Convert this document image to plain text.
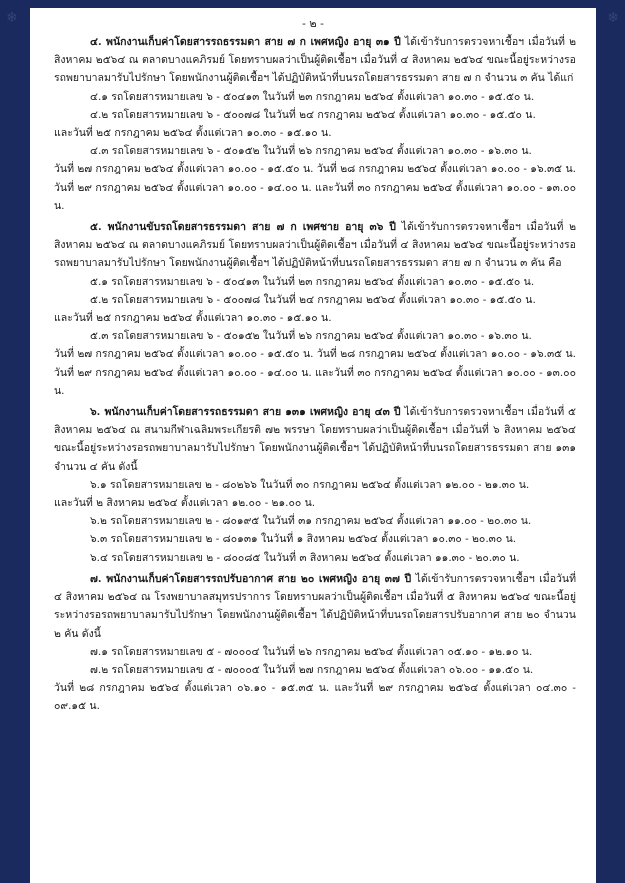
❄	❄
- ๒ -

๔. พนักงานเก็บค่าโดยสารรถธรรมดา สาย ๗ ก เพศหญิง อายุ ๓๑ ปี ได้เข้ารับการตรวจหาเชื้อฯ เมื่อวันที่ ๒ สิงหาคม ๒๕๖๔ ณ ตลาดบางแคภิรมย์ โดยทราบผลว่าเป็นผู้ติดเชื้อฯ เมื่อวันที่ ๔ สิงหาคม ๒๕๖๔ ขณะนี้อยู่ระหว่างรอรถพยาบาลมารับไปรักษา โดยพนักงานผู้ติดเชื้อฯ ได้ปฏิบัติหน้าที่บนรถโดยสารธรรมดา สาย ๗ ก จำนวน ๓ คัน ได้แก่

๔.๑ รถโดยสารหมายเลข ๖ - ๕๐๔๑๓ ในวันที่ ๒๓ กรกฎาคม ๒๕๖๔ ตั้งแต่เวลา ๑๐.๓๐ - ๑๕.๕๐ น.

๔.๒ รถโดยสารหมายเลข ๖ - ๕๐๐๗๘ ในวันที่ ๒๔ กรกฎาคม ๒๕๖๔ ตั้งแต่เวลา ๑๐.๓๐ - ๑๕.๕๐ น.

และวันที่ ๒๕ กรกฎาคม ๒๕๖๔ ตั้งแต่เวลา ๑๐.๓๐ - ๑๕.๑๐ น.

๔.๓ รถโดยสารหมายเลข ๖ - ๕๐๑๕๒ ในวันที่ ๒๖ กรกฎาคม ๒๕๖๔ ตั้งแต่เวลา ๑๐.๓๐ - ๑๖.๓๐ น.

วันที่ ๒๗ กรกฎาคม ๒๕๖๔ ตั้งแต่เวลา ๑๐.๐๐ - ๑๕.๕๐ น. วันที่ ๒๘ กรกฎาคม ๒๕๖๔ ตั้งแต่เวลา ๑๐.๐๐ - ๑๖.๓๕ น. วันที่ ๒๙ กรกฎาคม ๒๕๖๔ ตั้งแต่เวลา ๑๐.๐๐ - ๑๔.๐๐ น. และวันที่ ๓๐ กรกฎาคม ๒๕๖๔ ตั้งแต่เวลา ๑๐.๐๐ - ๑๓.๐๐ น.

๕. พนักงานขับรถโดยสารธรรมดา สาย ๗ ก เพศชาย อายุ ๓๖ ปี ได้เข้ารับการตรวจหาเชื้อฯ เมื่อวันที่ ๒ สิงหาคม ๒๕๖๔ ณ ตลาดบางแคภิรมย์ โดยทราบผลว่าเป็นผู้ติดเชื้อฯ เมื่อวันที่ ๔ สิงหาคม ๒๕๖๔ ขณะนี้อยู่ระหว่างรอรถพยาบาลมารับไปรักษา โดยพนักงานผู้ติดเชื้อฯ ได้ปฏิบัติหน้าที่บนรถโดยสารธรรมดา สาย ๗ ก จำนวน ๓ คัน คือ

๕.๑ รถโดยสารหมายเลข ๖ - ๕๐๔๑๓ ในวันที่ ๒๓ กรกฎาคม ๒๕๖๔ ตั้งแต่เวลา ๑๐.๓๐ - ๑๕.๕๐ น.

๕.๒ รถโดยสารหมายเลข ๖ - ๕๐๐๗๘ ในวันที่ ๒๔ กรกฎาคม ๒๕๖๔ ตั้งแต่เวลา ๑๐.๓๐ - ๑๕.๕๐ น.

และวันที่ ๒๕ กรกฎาคม ๒๕๖๔ ตั้งแต่เวลา ๑๐.๓๐ - ๑๕.๑๐ น.

๕.๓ รถโดยสารหมายเลข ๖ - ๕๐๑๕๒ ในวันที่ ๒๖ กรกฎาคม ๒๕๖๔ ตั้งแต่เวลา ๑๐.๓๐ - ๑๖.๓๐ น.

วันที่ ๒๗ กรกฎาคม ๒๕๖๔ ตั้งแต่เวลา ๑๐.๐๐ - ๑๕.๕๐ น. วันที่ ๒๘ กรกฎาคม ๒๕๖๔ ตั้งแต่เวลา ๑๐.๐๐ - ๑๖.๓๕ น. วันที่ ๒๙ กรกฎาคม ๒๕๖๔ ตั้งแต่เวลา ๑๐.๐๐ - ๑๔.๐๐ น. และวันที่ ๓๐ กรกฎาคม ๒๕๖๔ ตั้งแต่เวลา ๑๐.๐๐ - ๑๓.๐๐ น.

๖. พนักงานเก็บค่าโดยสารรถธรรมดา สาย ๑๓๑ เพศหญิง อายุ ๔๓ ปี ได้เข้ารับการตรวจหาเชื้อฯ เมื่อวันที่ ๕ สิงหาคม ๒๕๖๔ ณ สนามกีฬาเฉลิมพระเกียรติ ๗๒ พรรษา โดยทราบผลว่าเป็นผู้ติดเชื้อฯ เมื่อวันที่ ๖ สิงหาคม ๒๕๖๔ ขณะนี้อยู่ระหว่างรอรถพยาบาลมารับไปรักษา โดยพนักงานผู้ติดเชื้อฯ ได้ปฏิบัติหน้าที่บนรถโดยสารธรรมดา สาย ๑๓๑ จำนวน ๔ คัน ดังนี้

๖.๑ รถโดยสารหมายเลข ๒ - ๘๐๒๖๖ ในวันที่ ๓๐ กรกฎาคม ๒๕๖๔ ตั้งแต่เวลา ๑๒.๐๐ - ๒๑.๓๐ น.

และวันที่ ๒ สิงหาคม ๒๕๖๔ ตั้งแต่เวลา ๑๒.๐๐ - ๒๑.๐๐ น.

๖.๒ รถโดยสารหมายเลข ๒ - ๘๐๑๙๕ ในวันที่ ๓๑ กรกฎาคม ๒๕๖๔ ตั้งแต่เวลา ๑๑.๐๐ - ๒๐.๓๐ น.

๖.๓ รถโดยสารหมายเลข ๒ - ๘๐๑๓๑ ในวันที่ ๑ สิงหาคม ๒๕๖๔ ตั้งแต่เวลา ๑๐.๓๐ - ๒๐.๓๐ น.

๖.๔ รถโดยสารหมายเลข ๒ - ๘๐๐๘๕ ในวันที่ ๓ สิงหาคม ๒๕๖๔ ตั้งแต่เวลา ๑๑.๓๐ - ๒๐.๓๐ น.

๗. พนักงานเก็บค่าโดยสารรถปรับอากาศ สาย ๒๐ เพศหญิง อายุ ๓๗ ปี ได้เข้ารับการตรวจหาเชื้อฯ เมื่อวันที่ ๔ สิงหาคม ๒๕๖๔ ณ โรงพยาบาลสมุทรปราการ โดยทราบผลว่าเป็นผู้ติดเชื้อฯ เมื่อวันที่ ๕ สิงหาคม ๒๕๖๔ ขณะนี้อยู่ระหว่างรอรถพยาบาลมารับไปรักษา โดยพนักงานผู้ติดเชื้อฯ ได้ปฏิบัติหน้าที่บนรถโดยสารปรับอากาศ สาย ๒๐ จำนวน ๒ คัน ดังนี้

๗.๑ รถโดยสารหมายเลข ๕ - ๗๐๐๐๔ ในวันที่ ๒๖ กรกฎาคม ๒๕๖๔ ตั้งแต่เวลา ๐๕.๑๐ - ๑๒.๑๐ น.

๗.๒ รถโดยสารหมายเลข ๕ - ๗๐๐๐๕ ในวันที่ ๒๗ กรกฎาคม ๒๕๖๔ ตั้งแต่เวลา ๐๖.๐๐ - ๑๑.๕๐ น.

วันที่ ๒๘ กรกฎาคม ๒๕๖๔ ตั้งแต่เวลา ๐๖.๑๐ - ๑๕.๓๕ น. และวันที่ ๒๙ กรกฎาคม ๒๕๖๔ ตั้งแต่เวลา ๐๔.๓๐ - ๐๙.๑๕ น.
